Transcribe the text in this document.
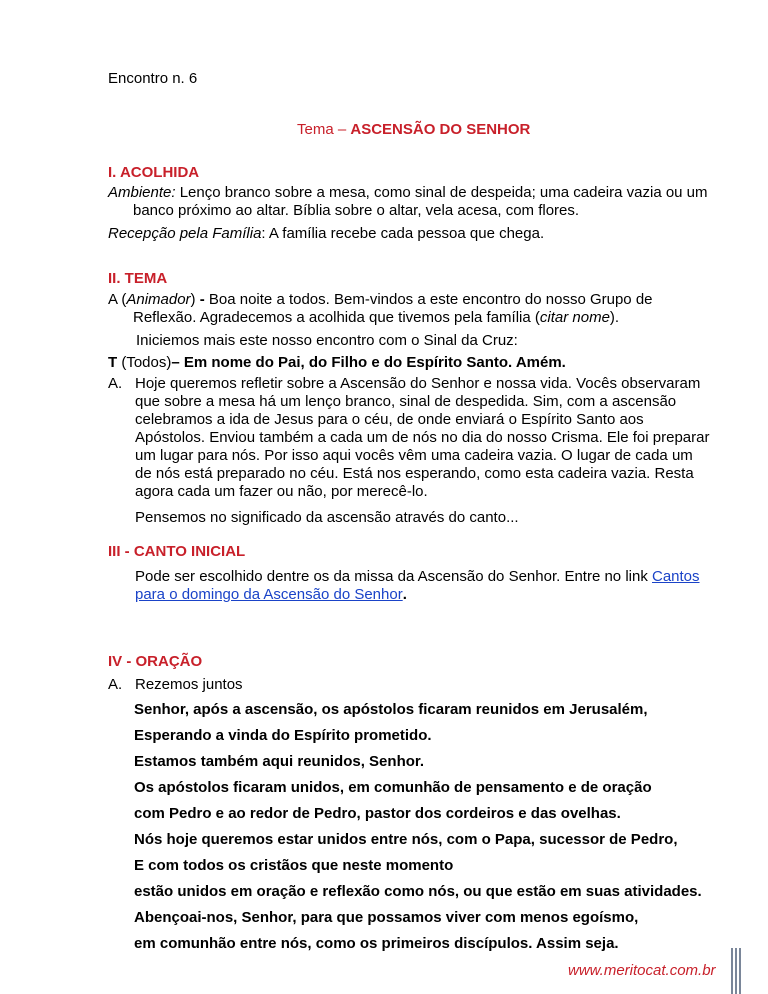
Encontro n. 6
Tema – ASCENSÃO DO SENHOR
I. ACOLHIDA
Ambiente: Lenço branco sobre a mesa, como sinal de despeida; uma cadeira vazia ou um
banco próximo ao altar. Bíblia sobre o altar, vela acesa, com flores.
Recepção pela Família: A família recebe cada pessoa que chega.
II. TEMA
A (Animador) - Boa noite a todos. Bem-vindos a este encontro do nosso Grupo de
Reflexão. Agradecemos a acolhida que tivemos pela família (citar nome).
Iniciemos mais este nosso encontro com o Sinal da Cruz:
T (Todos)– Em nome do Pai, do Filho e do Espírito Santo. Amém.
A. Hoje queremos refletir sobre a Ascensão do Senhor e nossa vida. Vocês observaram
que sobre a mesa há um lenço branco, sinal de despedida. Sim, com a ascensão
celebramos a ida de Jesus para o céu, de onde enviará o Espírito Santo aos
Apóstolos. Enviou também a cada um de nós no dia do nosso Crisma. Ele foi preparar
um lugar para nós. Por isso aqui vocês vêm uma cadeira vazia. O lugar de cada um
de nós está preparado no céu. Está nos esperando, como esta cadeira vazia. Resta
agora cada um fazer ou não, por merecê-lo.
Pensemos no significado da ascensão através do canto...
III - CANTO INICIAL
Pode ser escolhido dentre os da missa da Ascensão do Senhor. Entre no link Cantos
para o domingo da Ascensão do Senhor.
IV - ORAÇÃO
A. Rezemos juntos
Senhor, após a ascensão, os apóstolos ficaram reunidos em Jerusalém,
Esperando a vinda do Espírito prometido.
Estamos também aqui reunidos, Senhor.
Os apóstolos ficaram unidos, em comunhão de pensamento e de oração
com Pedro e ao redor de Pedro, pastor dos cordeiros e das ovelhas.
Nós hoje queremos estar unidos entre nós, com o Papa, sucessor de Pedro,
E com todos os cristãos que neste momento
estão unidos em oração e reflexão como nós, ou que estão em suas atividades.
Abençoai-nos, Senhor, para que possamos viver com menos egoísmo,
em comunhão entre nós, como os primeiros discípulos. Assim seja.
www.meritocat.com.br
